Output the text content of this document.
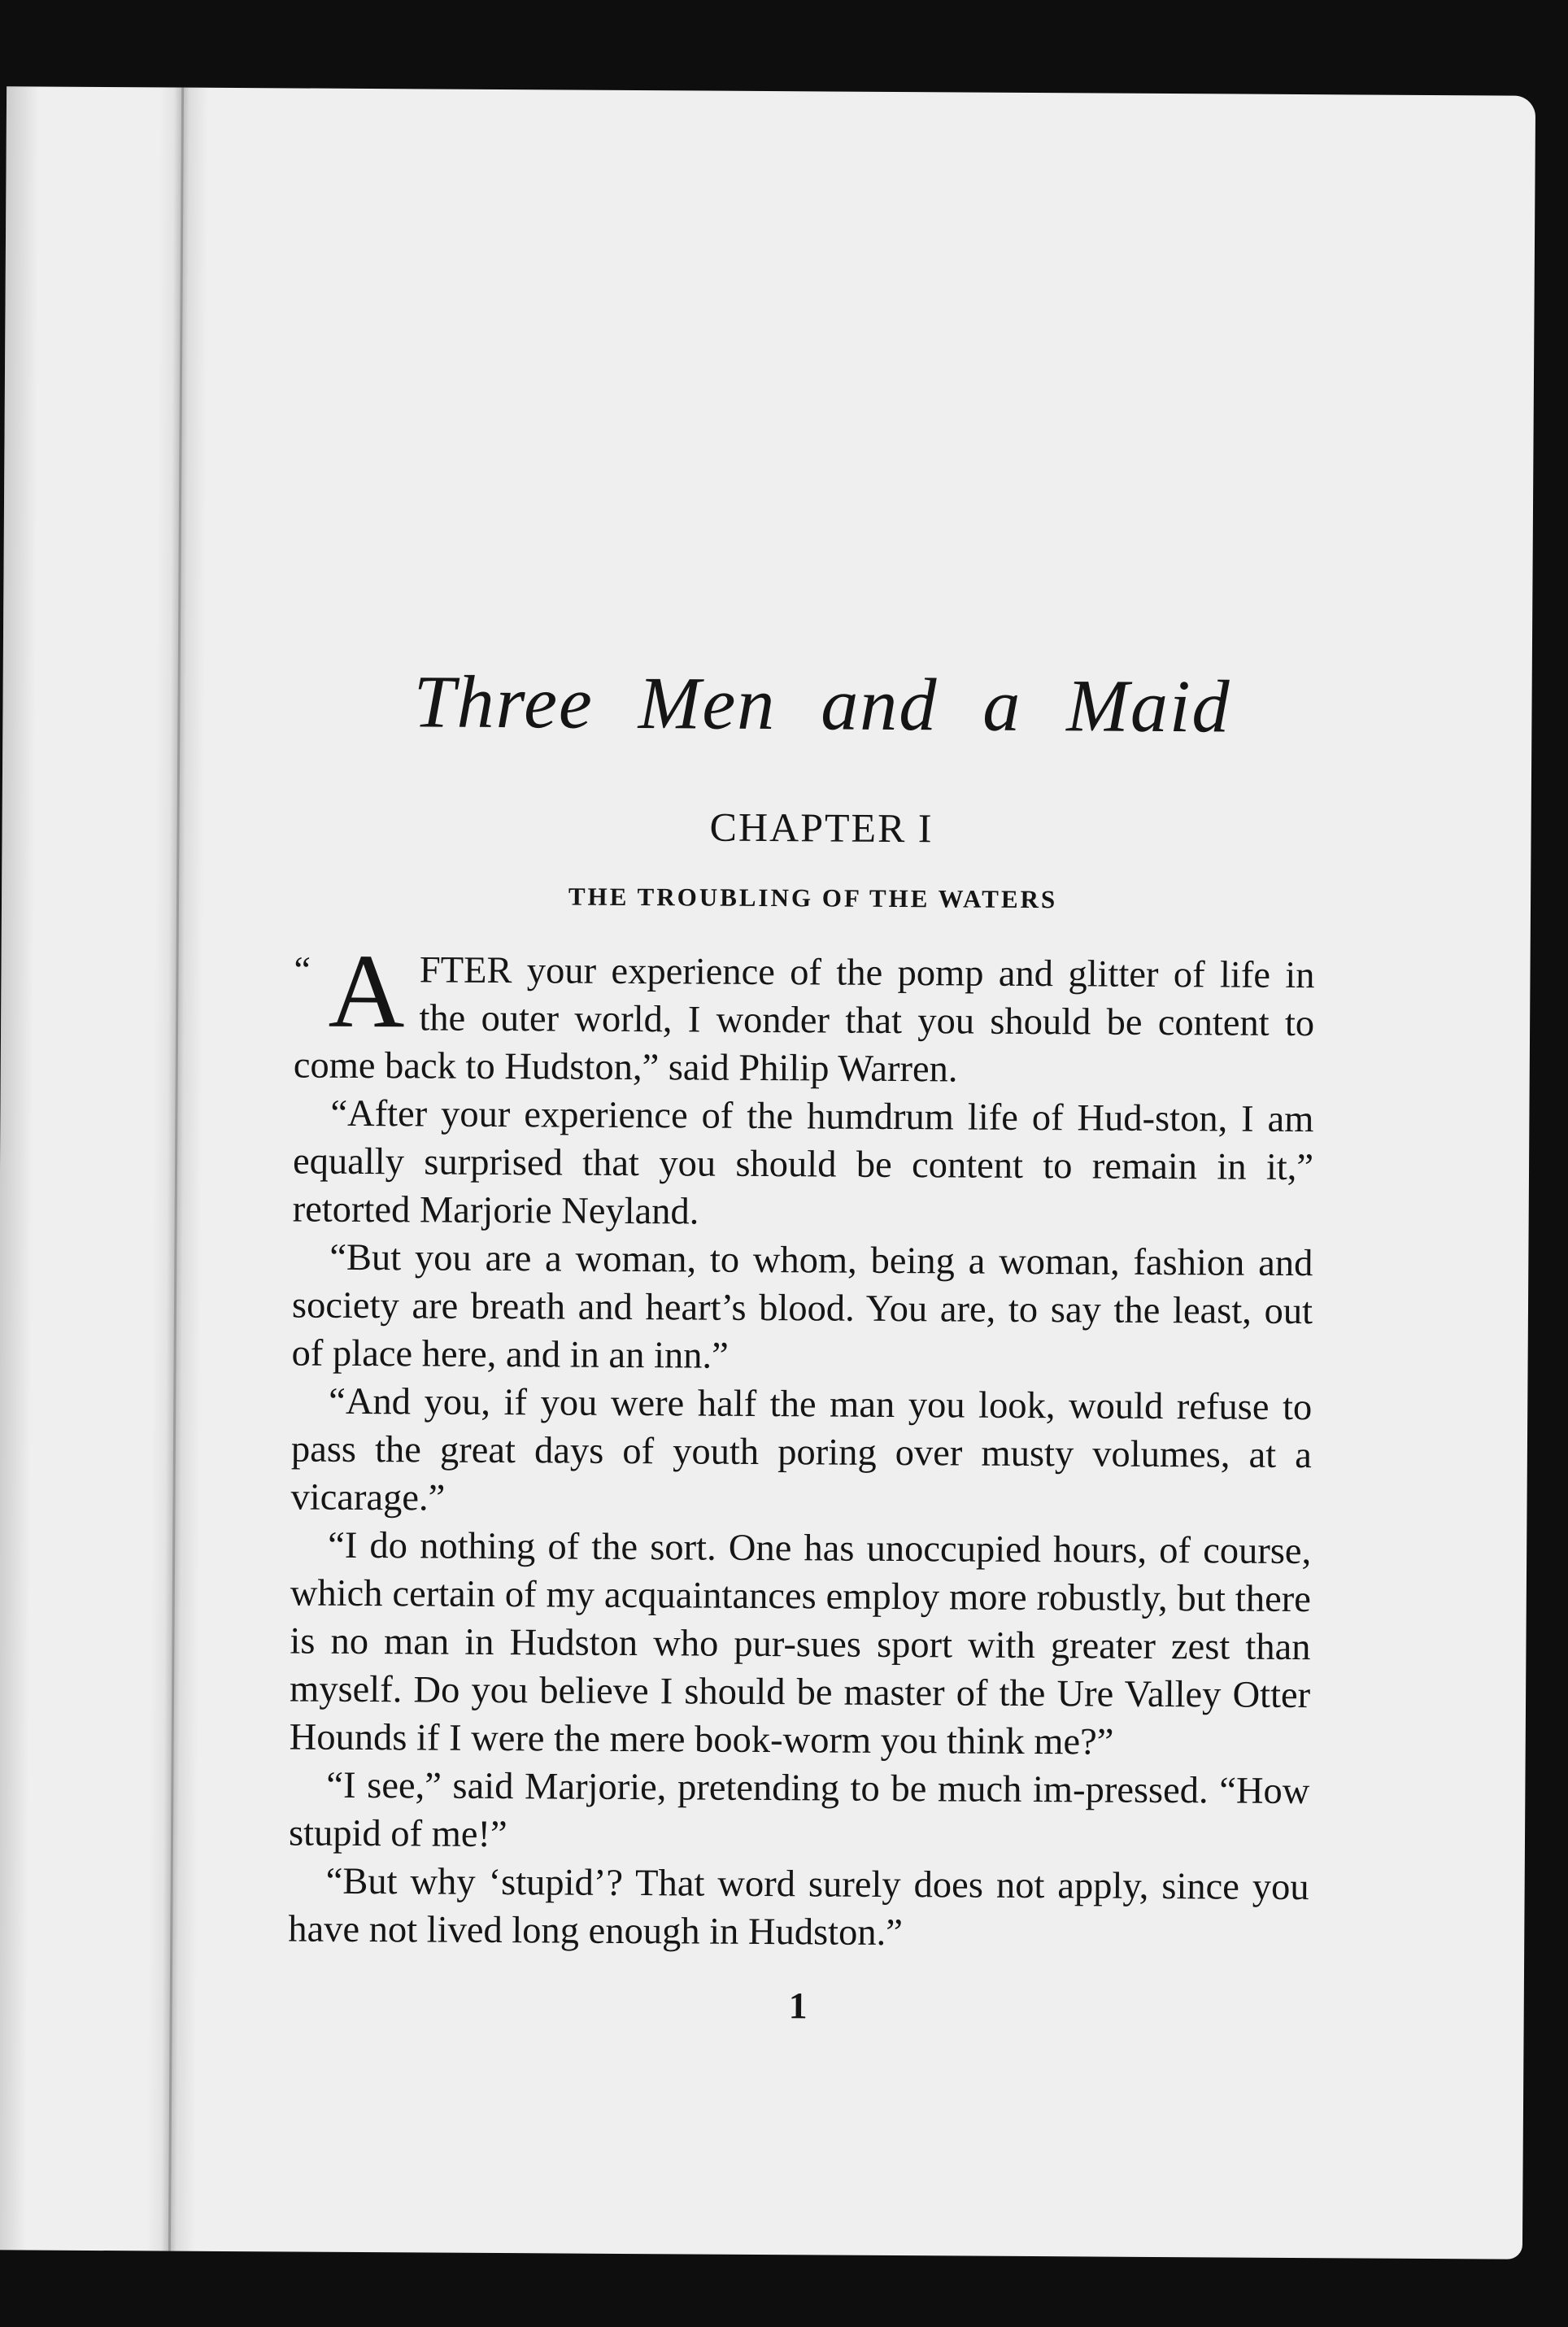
Three Men and a Maid
CHAPTER I
THE TROUBLING OF THE WATERS

“ A FTER your experience of the pomp and glitter of life in the outer world, I wonder that you should be content to come back to Hudston,” said Philip Warren.

“After your experience of the humdrum life of Hud-ston, I am equally surprised that you should be content to remain in it,” retorted Marjorie Neyland.

“But you are a woman, to whom, being a woman, fashion and society are breath and heart’s blood. You are, to say the least, out of place here, and in an inn.”

“And you, if you were half the man you look, would refuse to pass the great days of youth poring over musty volumes, at a vicarage.”

“I do nothing of the sort. One has unoccupied hours, of course, which certain of my acquaintances employ more robustly, but there is no man in Hudston who pur-sues sport with greater zest than myself. Do you believe I should be master of the Ure Valley Otter Hounds if I were the mere book-worm you think me?”

“I see,” said Marjorie, pretending to be much im-pressed. “How stupid of me!”

“But why ‘stupid’? That word surely does not apply, since you have not lived long enough in Hudston.”

1
